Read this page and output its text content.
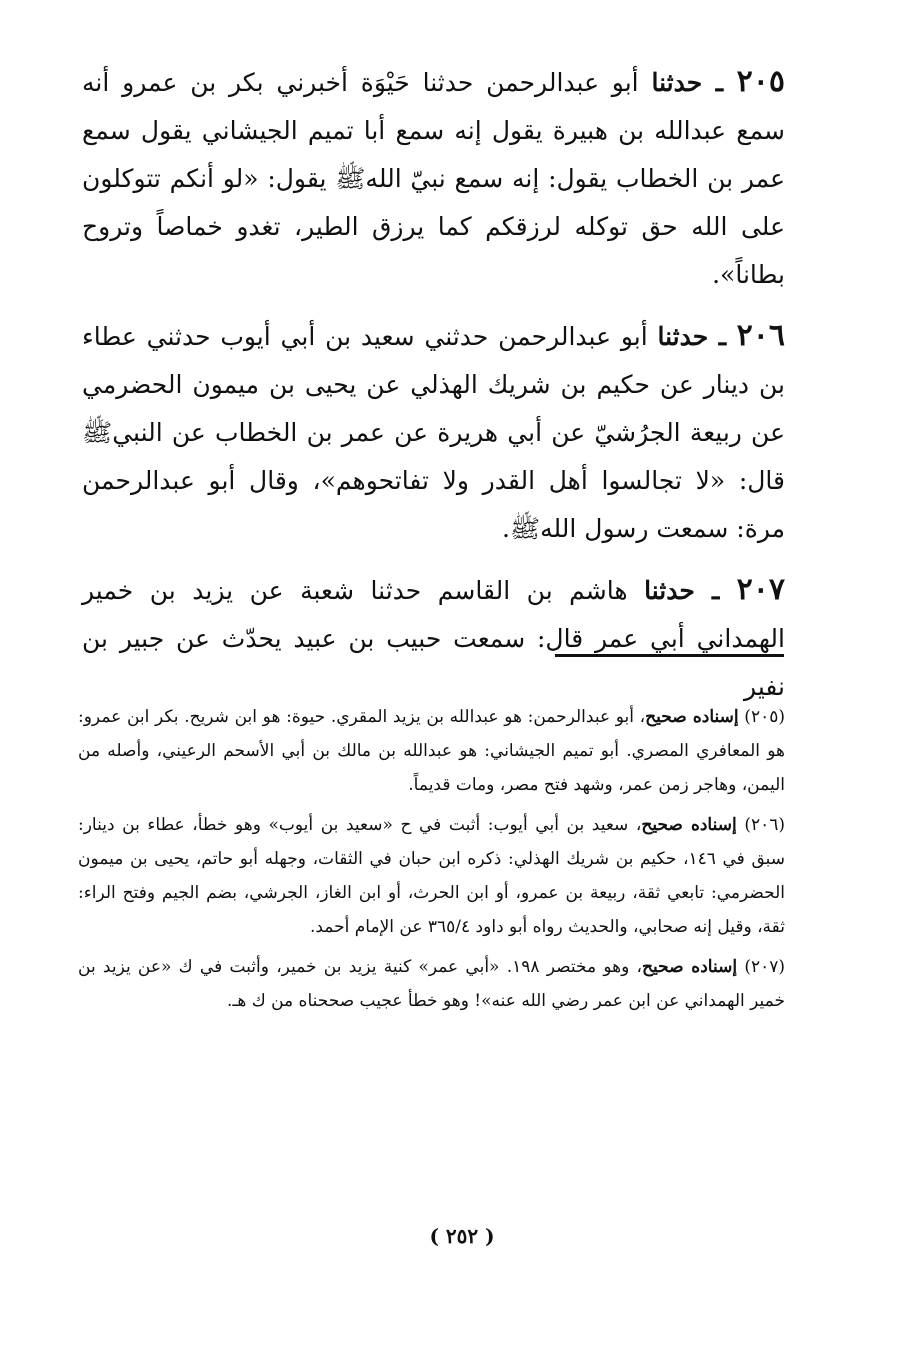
٢٠٥ ـ حدثنا أبو عبدالرحمن حدثنا حَيْوَة أخبرني بكر بن عمرو أنه سمع عبدالله بن هبيرة يقول إنه سمع أبا تميم الجيشاني يقول سمع عمر بن الخطاب يقول: إنه سمع نبيّ اللهﷺ يقول: «لو أنكم تتوكلون على الله حق توكله لرزقكم كما يرزق الطير، تغدو خماصاً وتروح بطاناً».

٢٠٦ ـ حدثنا أبو عبدالرحمن حدثني سعيد بن أبي أيوب حدثني عطاء بن دينار عن حكيم بن شريك الهذلي عن يحيى بن ميمون الحضرمي عن ربيعة الجرُشيّ عن أبي هريرة عن عمر بن الخطاب عن النبيﷺ قال: «لا تجالسوا أهل القدر ولا تفاتحوهم»، وقال أبو عبدالرحمن مرة: سمعت رسول اللهﷺ.

٢٠٧ ـ حدثنا هاشم بن القاسم حدثنا شعبة عن يزيد بن خمير الهمداني أبي عمر قال: سمعت حبيب بن عبيد يحدّث عن جبير بن نفير

(٢٠٥) إسناده صحيح، أبو عبدالرحمن: هو عبدالله بن يزيد المقري. حيوة: هو ابن شريح. بكر ابن عمرو: هو المعافري المصري. أبو تميم الجيشاني: هو عبدالله بن مالك بن أبي الأسحم الرعيني، وأصله من اليمن، وهاجر زمن عمر، وشهد فتح مصر، ومات قديماً.

(٢٠٦) إسناده صحيح، سعيد بن أبي أيوب: أثبت في ح «سعيد بن أيوب» وهو خطأ، عطاء بن دينار: سبق في ١٤٦، حكيم بن شريك الهذلي: ذكره ابن حبان في الثقات، وجهله أبو حاتم، يحيى بن ميمون الحضرمي: تابعي ثقة، ربيعة بن عمرو، أو ابن الحرث، أو ابن الغاز، الجرشي، بضم الجيم وفتح الراء: ثقة، وقيل إنه صحابي، والحديث رواه أبو داود ٣٦٥/٤ عن الإمام أحمد.

(٢٠٧) إسناده صحيح، وهو مختصر ١٩٨. «أبي عمر» كنية يزيد بن خمير، وأثبت في ك «عن يزيد بن خمير الهمداني عن ابن عمر رضي الله عنه»! وهو خطأ عجيب صححناه من ك هـ.

( ٢٥٢ )
